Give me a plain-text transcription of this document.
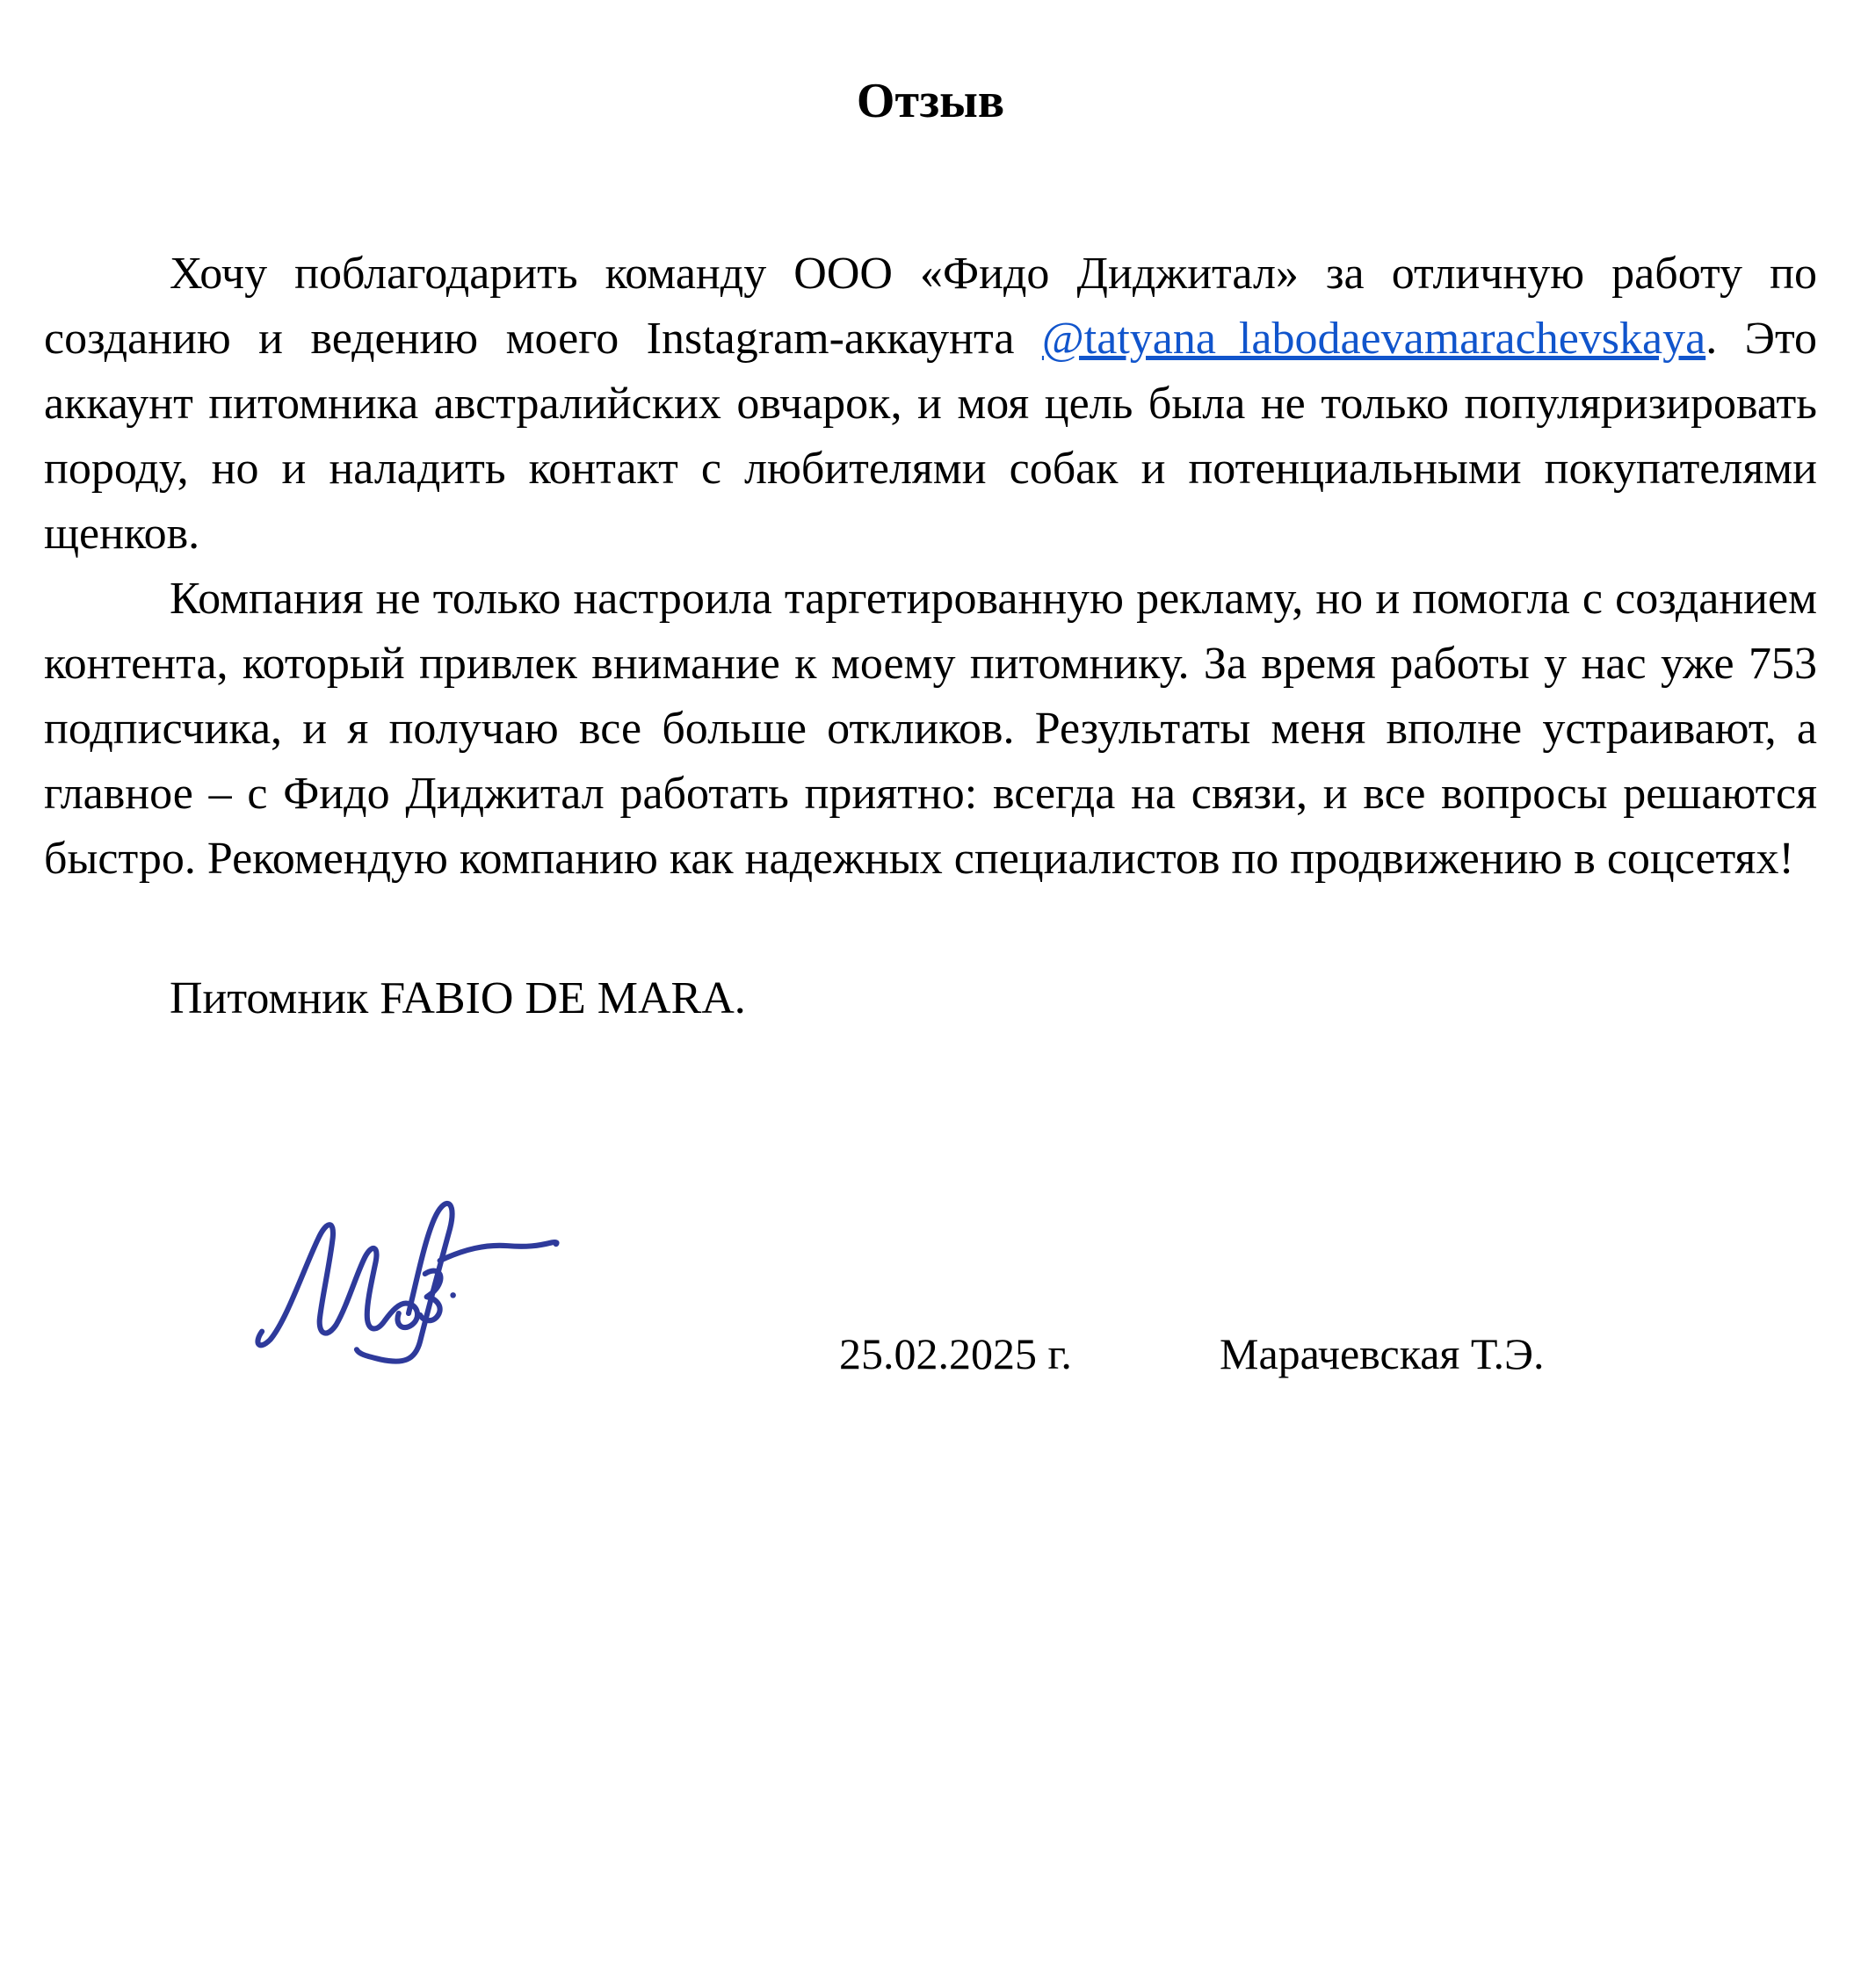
Отзыв

Хочу поблагодарить команду ООО «Фидо Диджитал» за отличную работу по созданию и ведению моего Instagram-аккаунта @tatyana_labodaevamarachevskaya. Это аккаунт питомника австралийских овчарок, и моя цель была не только популяризировать породу, но и наладить контакт с любителями собак и потенциальными покупателями щенков.

Компания не только настроила таргетированную рекламу, но и помогла с созданием контента, который привлек внимание к моему питомнику. За время работы у нас уже 753 подписчика, и я получаю все больше откликов. Результаты меня вполне устраивают, а главное – с Фидо Диджитал работать приятно: всегда на связи, и все вопросы решаются быстро. Рекомендую компанию как надежных специалистов по продвижению в соцсетях!

Питомник FABIO DE MARA.
25.02.2025 г.	Марачевская Т.Э.
